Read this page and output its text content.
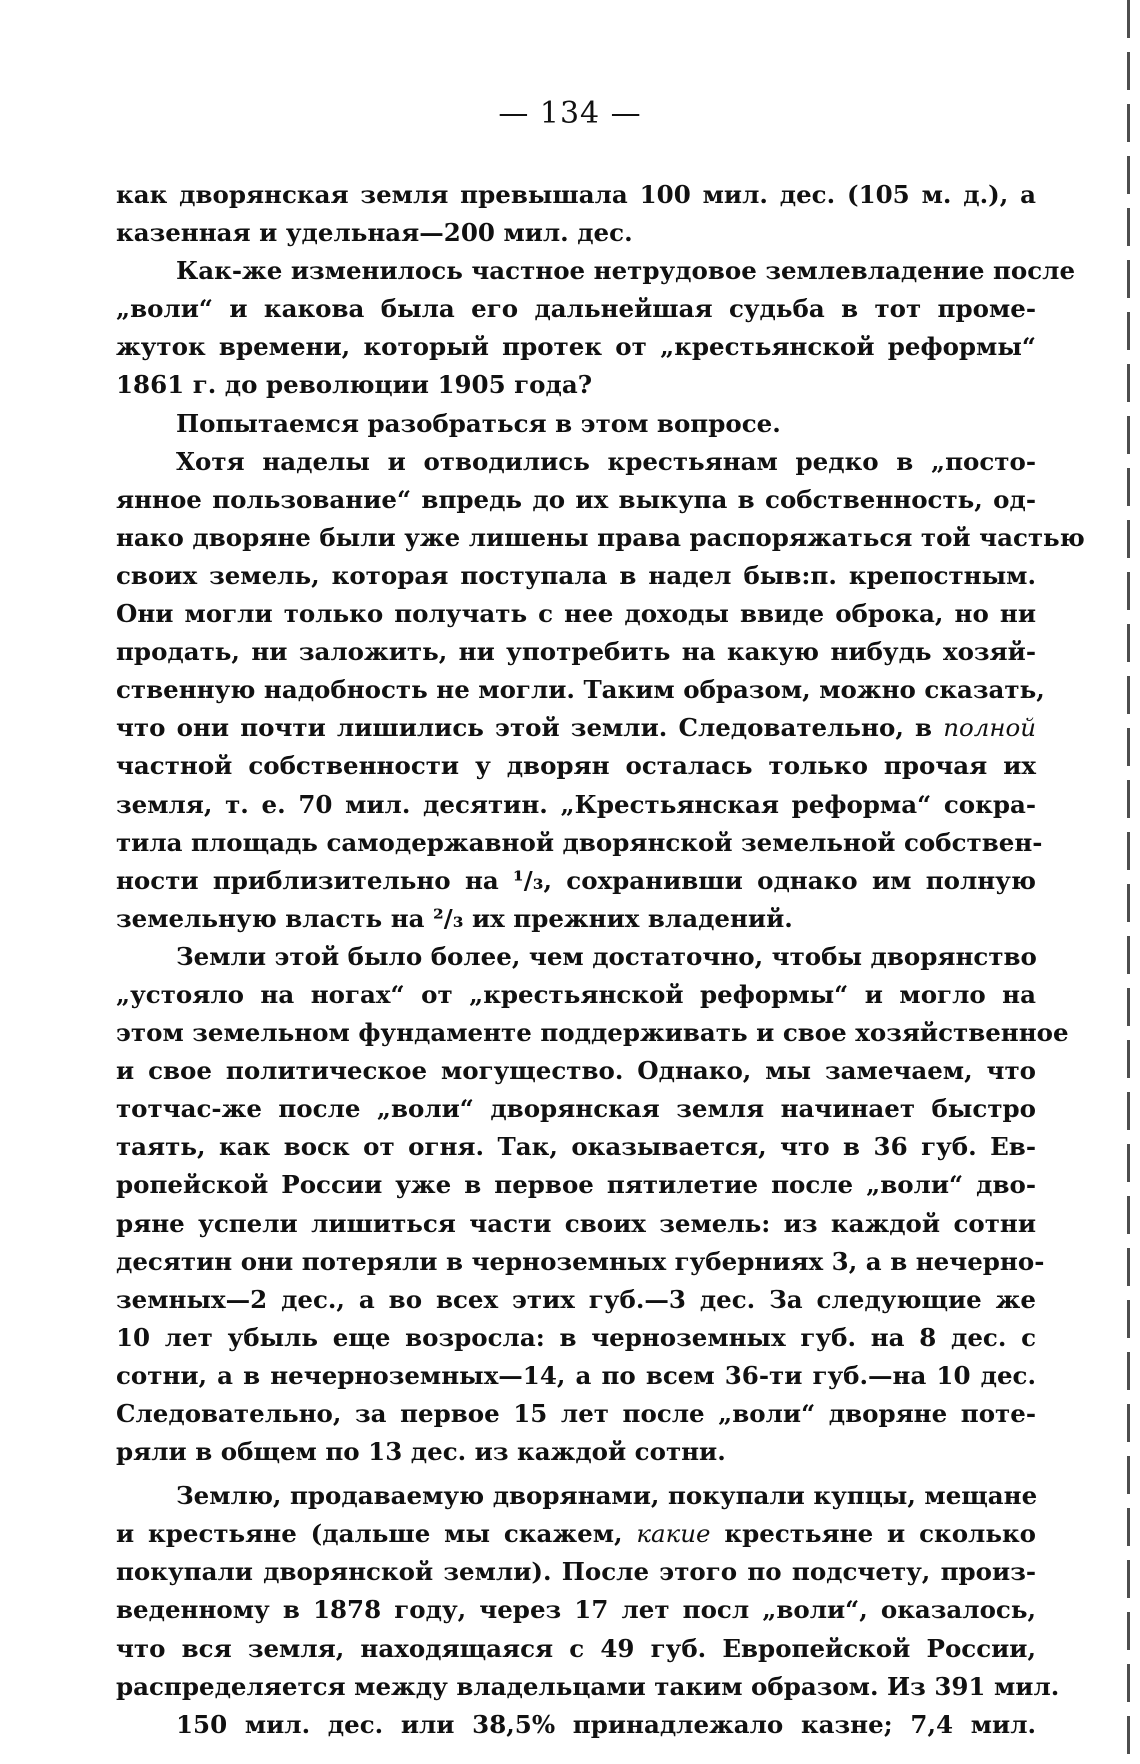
— 134 —
как дворянская земля превышала 100 мил. дес. (105 м. д.), а
казенная и удельная—200 мил. дес.
Как-же изменилось частное нетрудовое землевладение после
„воли“ и какова была его дальнейшая судьба в тот проме-
жуток времени, который протек от „крестьянской реформы“
1861 г. до революции 1905 года?
Попытаемся разобраться в этом вопросе.
Хотя наделы и отводились крестьянам редко в „посто-
янное пользование“ впредь до их выкупа в собственность, од-
нако дворяне были уже лишены права распоряжаться той частью
своих земель, которая поступала в надел быв:п. крепостным.
Они могли только получать с нее доходы ввиде оброка, но ни
продать, ни заложить, ни употребить на какую нибудь хозяй-
ственную надобность не могли. Таким образом, можно сказать,
что они почти лишились этой земли. Следовательно, в полной
частной собственности у дворян осталась только прочая их
земля, т. е. 70 мил. десятин. „Крестьянская реформа“ сокра-
тила площадь самодержавной дворянской земельной собствен-
ности приблизительно на ¹/₃, сохранивши однако им полную
земельную власть на ²/₃ их прежних владений.
Земли этой было более, чем достаточно, чтобы дворянство
„устояло на ногах“ от „крестьянской реформы“ и могло на
этом земельном фундаменте поддерживать и свое хозяйственное
и свое политическое могущество. Однако, мы замечаем, что
тотчас-же после „воли“ дворянская земля начинает быстро
таять, как воск от огня. Так, оказывается, что в 36 губ. Ев-
ропейской России уже в первое пятилетие после „воли“ дво-
ряне успели лишиться части своих земель: из каждой сотни
десятин они потеряли в черноземных губерниях 3, а в нечерно-
земных—2 дес., а во всех этих губ.—3 дес. За следующие же
10 лет убыль еще возросла: в черноземных губ. на 8 дес. с
сотни, а в нечерноземных—14, а по всем 36-ти губ.—на 10 дес.
Следовательно, за первое 15 лет после „воли“ дворяне поте-
ряли в общем по 13 дес. из каждой сотни.
Землю, продаваемую дворянами, покупали купцы, мещане
и крестьяне (дальше мы скажем, какие крестьяне и сколько
покупали дворянской земли). После этого по подсчету, произ-
веденному в 1878 году, через 17 лет посл „воли“, оказалось,
что вся земля, находящаяся с 49 губ. Европейской России,
распределяется между владельцами таким образом. Из 391 мил.
150 мил. дес. или 38,5% принадлежало казне; 7,4 мил.
